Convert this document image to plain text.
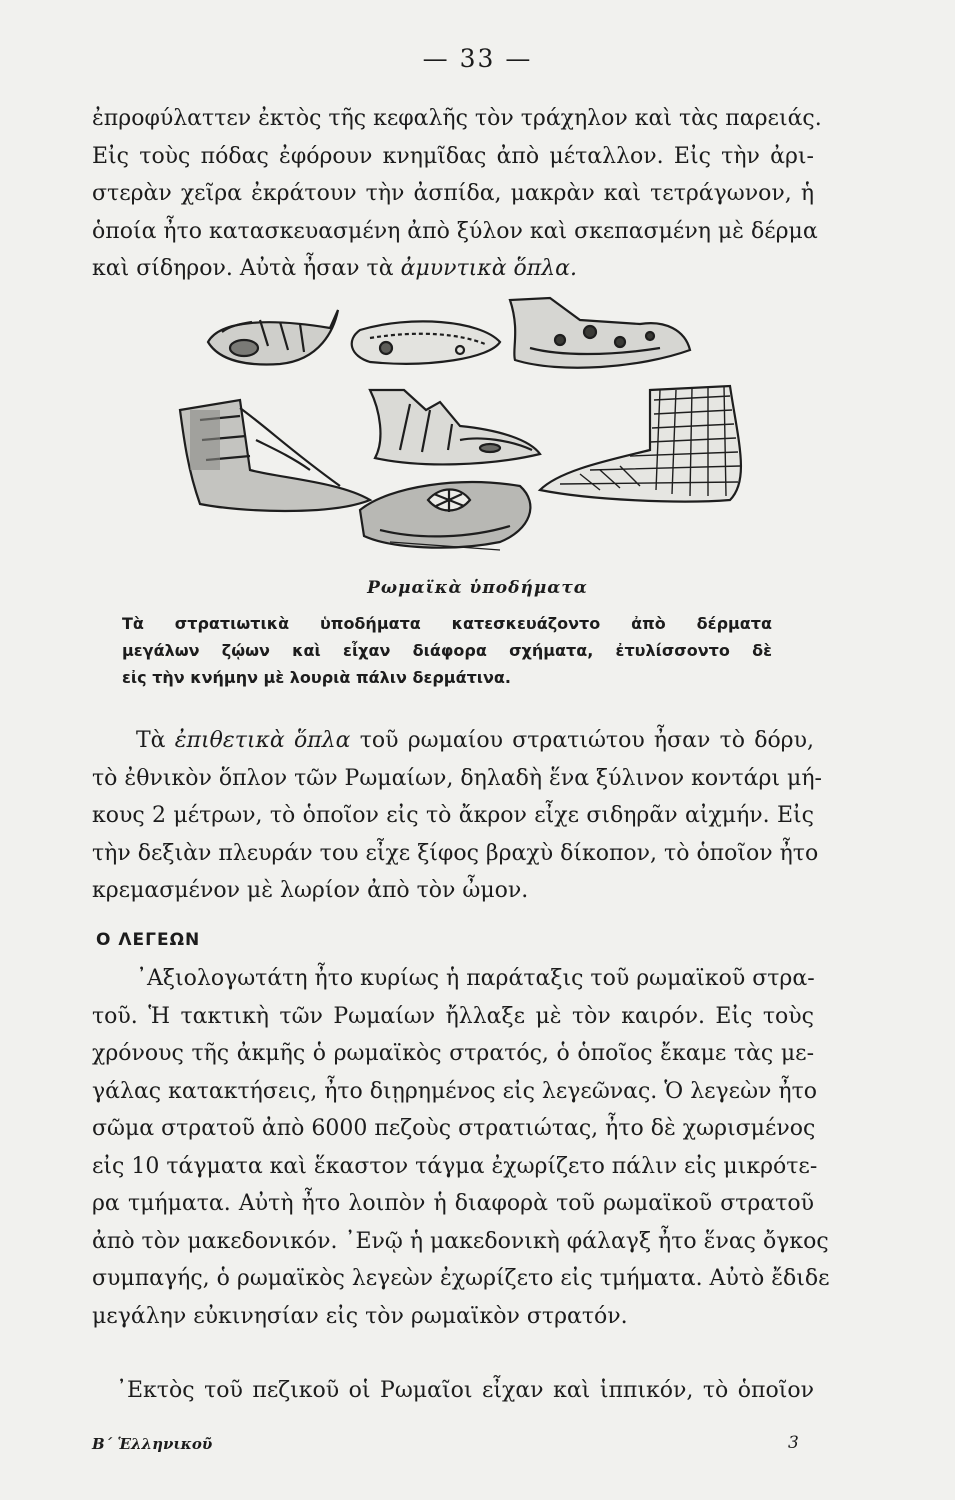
— 33 —
ἐπροφύλαττεν ἐκτὸς τῆς κεφαλῆς τὸν τράχηλον καὶ τὰς παρειάς.
Εἰς τοὺς πόδας ἐφόρουν κνημῖδας ἀπὸ μέταλλον. Εἰς τὴν ἀρι-
στερὰν χεῖρα ἐκράτουν τὴν ἀσπίδα, μακρὰν καὶ τετράγωνον, ἡ
ὁποία ἦτο κατασκευασμένη ἀπὸ ξύλον καὶ σκεπασμένη μὲ δέρμα
καὶ σίδηρον. Αὐτὰ ἦσαν τὰ ἀμυντικὰ ὅπλα.
Ρωμαϊκὰ ὑποδήματα
Τὰ στρατιωτικὰ ὑποδήματα κατεσκευάζοντο ἀπὸ δέρματα
μεγάλων ζῴων καὶ εἶχαν διάφορα σχήματα, ἐτυλίσσοντο δὲ
εἰς τὴν κνήμην μὲ λουριὰ πάλιν δερμάτινα.
Τὰ ἐπιθετικὰ ὅπλα τοῦ ρωμαίου στρατιώτου ἦσαν τὸ δόρυ,
τὸ ἐθνικὸν ὅπλον τῶν Ρωμαίων, δηλαδὴ ἕνα ξύλινον κοντάρι μή-
κους 2 μέτρων, τὸ ὁποῖον εἰς τὸ ἄκρον εἶχε σιδηρᾶν αἰχμήν. Εἰς
τὴν δεξιὰν πλευράν του εἶχε ξίφος βραχὺ δίκοπον, τὸ ὁποῖον ἦτο
κρεμασμένον μὲ λωρίον ἀπὸ τὸν ὦμον.
Ο ΛΕΓΕΩΝ
᾿Αξιολογωτάτη ἦτο κυρίως ἡ παράταξις τοῦ ρωμαϊκοῦ στρα-
τοῦ. Ἡ τακτικὴ τῶν Ρωμαίων ἤλλαξε μὲ τὸν καιρόν. Εἰς τοὺς
χρόνους τῆς ἀκμῆς ὁ ρωμαϊκὸς στρατός, ὁ ὁποῖος ἔκαμε τὰς με-
γάλας κατακτήσεις, ἦτο διῃρημένος εἰς λεγεῶνας. Ὁ λεγεὼν ἦτο
σῶμα στρατοῦ ἀπὸ 6000 πεζοὺς στρατιώτας, ἦτο δὲ χωρισμένος
εἰς 10 τάγματα καὶ ἕκαστον τάγμα ἐχωρίζετο πάλιν εἰς μικρότε-
ρα τμήματα. Αὐτὴ ἦτο λοιπὸν ἡ διαφορὰ τοῦ ρωμαϊκοῦ στρατοῦ
ἀπὸ τὸν μακεδονικόν. ᾿Ενῷ ἡ μακεδονικὴ φάλαγξ ἦτο ἕνας ὄγκος
συμπαγής, ὁ ρωμαϊκὸς λεγεὼν ἐχωρίζετο εἰς τμήματα. Αὐτὸ ἔδιδε
μεγάλην εὐκινησίαν εἰς τὸν ρωμαϊκὸν στρατόν.
᾿Εκτὸς τοῦ πεζικοῦ οἱ Ρωμαῖοι εἶχαν καὶ ἱππικόν, τὸ ὁποῖον
Β΄ Ἑλληνικοῦ	3
